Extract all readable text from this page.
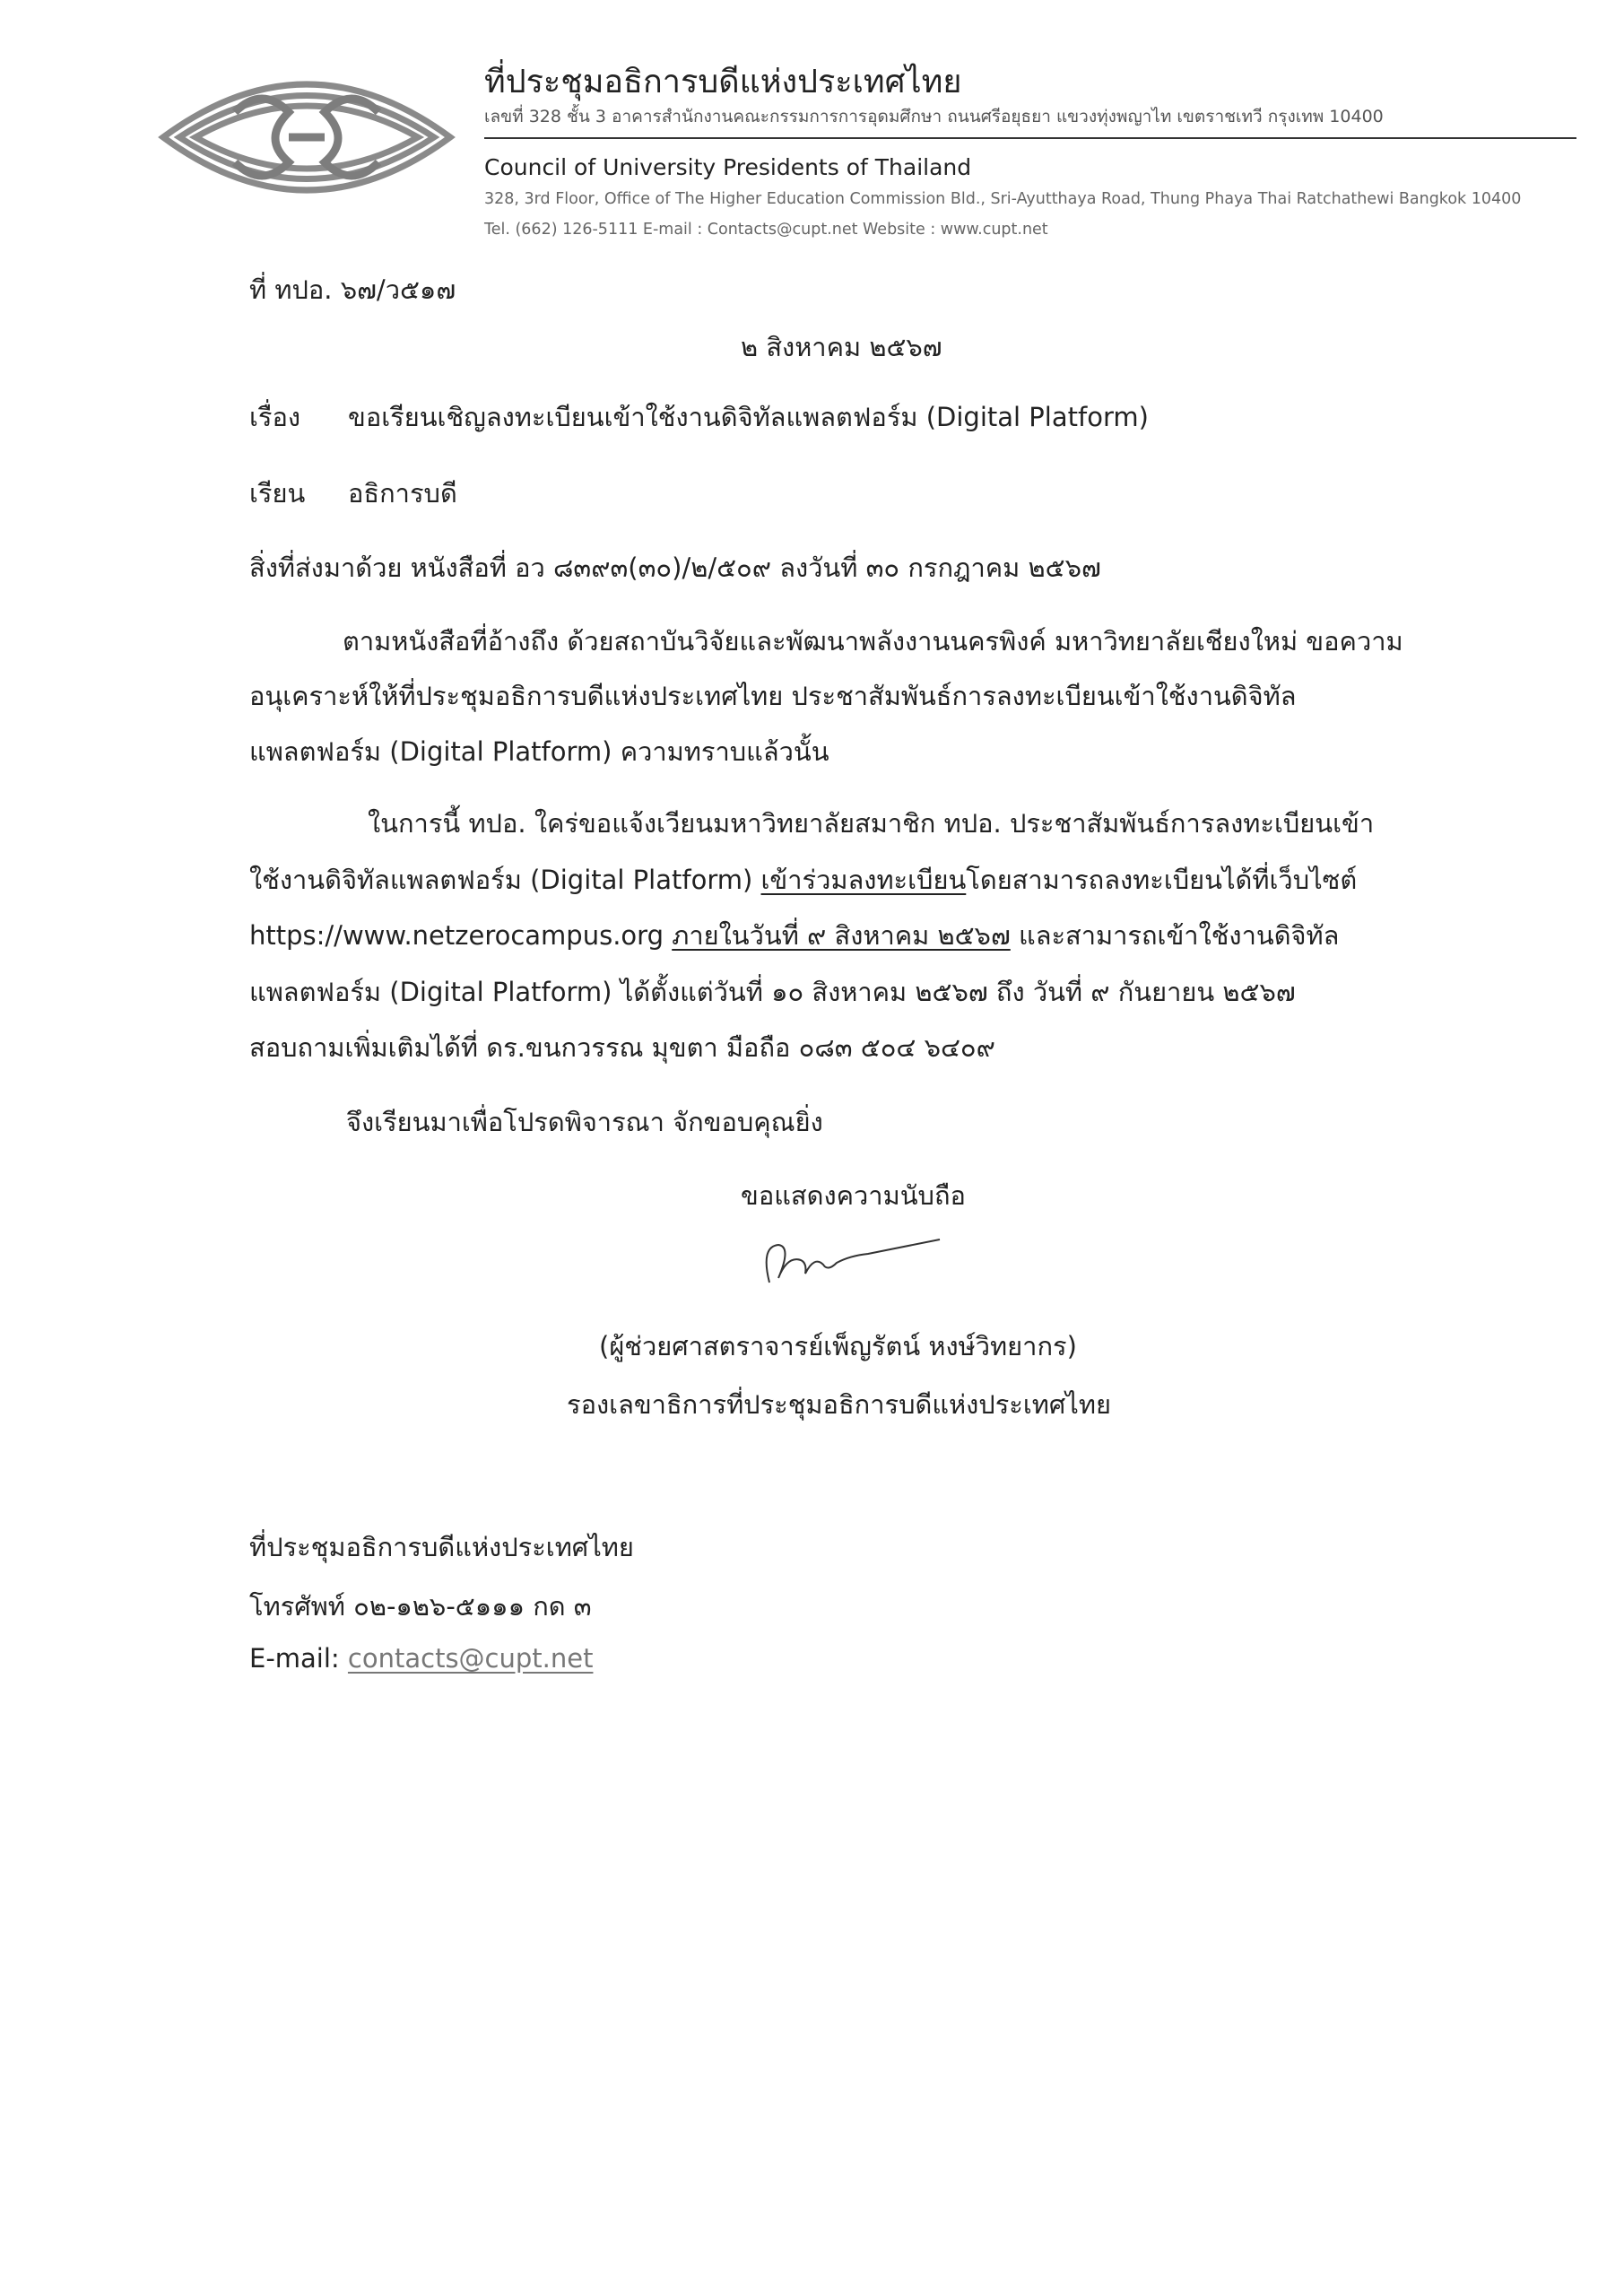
ที่ประชุมอธิการบดีแห่งประเทศไทย
เลขที่ 328 ชั้น 3 อาคารสำนักงานคณะกรรมการการอุดมศึกษา ถนนศรีอยุธยา แขวงทุ่งพญาไท เขตราชเทวี กรุงเทพ 10400
Council of University Presidents of Thailand
328, 3rd Floor, Office of The Higher Education Commission Bld., Sri-Ayutthaya Road, Thung Phaya Thai Ratchathewi Bangkok 10400
Tel. (662) 126-5111 E-mail : Contacts@cupt.net Website : www.cupt.net
ที่ ทปอ. ๖๗/ว๕๑๗
๒ สิงหาคม ๒๕๖๗
เรื่อง ขอเรียนเชิญลงทะเบียนเข้าใช้งานดิจิทัลแพลตฟอร์ม (Digital Platform)
เรียน อธิการบดี
สิ่งที่ส่งมาด้วย หนังสือที่ อว ๘๓๙๓(๓๐)/๒/๕๐๙ ลงวันที่ ๓๐ กรกฎาคม ๒๕๖๗
ตามหนังสือที่อ้างถึง ด้วยสถาบันวิจัยและพัฒนาพลังงานนครพิงค์ มหาวิทยาลัยเชียงใหม่ ขอความ
อนุเคราะห์ให้ที่ประชุมอธิการบดีแห่งประเทศไทย ประชาสัมพันธ์การลงทะเบียนเข้าใช้งานดิจิทัล
แพลตฟอร์ม (Digital Platform) ความทราบแล้วนั้น
ในการนี้ ทปอ. ใคร่ขอแจ้งเวียนมหาวิทยาลัยสมาชิก ทปอ. ประชาสัมพันธ์การลงทะเบียนเข้า
ใช้งานดิจิทัลแพลตฟอร์ม (Digital Platform) เข้าร่วมลงทะเบียนโดยสามารถลงทะเบียนได้ที่เว็บไซต์
https://www.netzerocampus.org ภายในวันที่ ๙ สิงหาคม ๒๕๖๗ และสามารถเข้าใช้งานดิจิทัล
แพลตฟอร์ม (Digital Platform) ได้ตั้งแต่วันที่ ๑๐ สิงหาคม ๒๕๖๗ ถึง วันที่ ๙ กันยายน ๒๕๖๗
สอบถามเพิ่มเติมได้ที่ ดร.ขนกวรรณ มุขตา มือถือ ๐๘๓ ๕๐๔ ๖๔๐๙
จึงเรียนมาเพื่อโปรดพิจารณา จักขอบคุณยิ่ง
ขอแสดงความนับถือ
(ผู้ช่วยศาสตราจารย์เพ็ญรัตน์ หงษ์วิทยากร)
รองเลขาธิการที่ประชุมอธิการบดีแห่งประเทศไทย
ที่ประชุมอธิการบดีแห่งประเทศไทย
โทรศัพท์ ๐๒-๑๒๖-๕๑๑๑ กด ๓
E-mail: contacts@cupt.net
